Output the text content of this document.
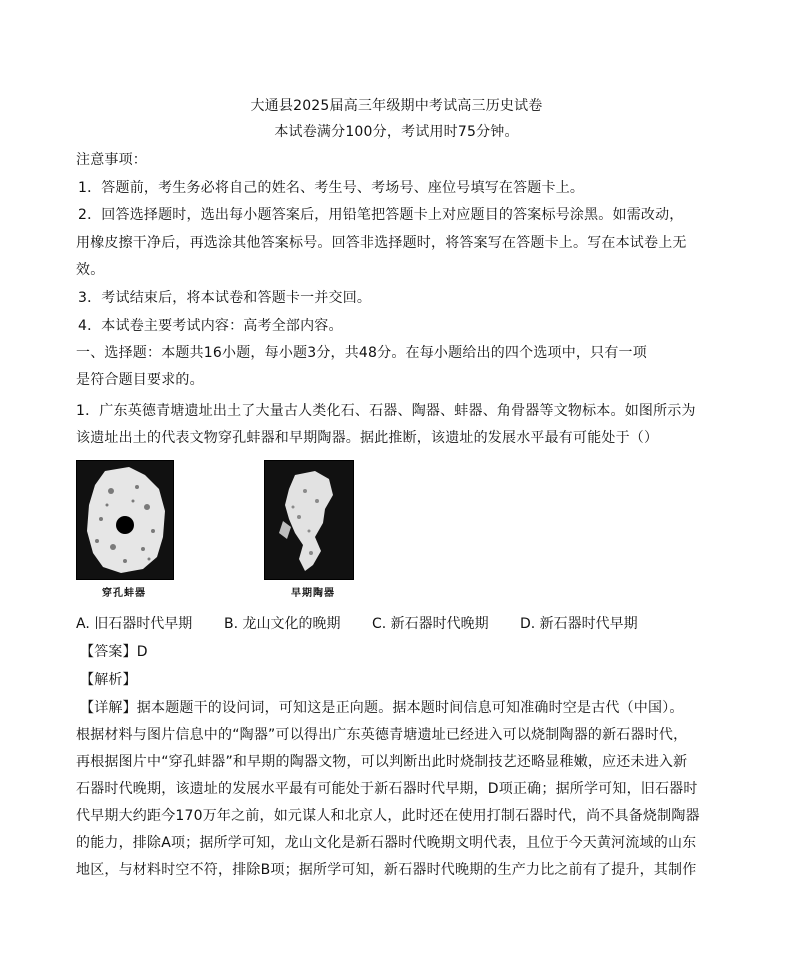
大通县2025届高三年级期中考试高三历史试卷
本试卷满分100分，考试用时75分钟。
注意事项：
1．答题前，考生务必将自己的姓名、考生号、考场号、座位号填写在答题卡上。
2．回答选择题时，选出每小题答案后，用铅笔把答题卡上对应题目的答案标号涂黑。如需改动，
用橡皮擦干净后，再选涂其他答案标号。回答非选择题时，将答案写在答题卡上。写在本试卷上无
效。
3．考试结束后，将本试卷和答题卡一并交回。
4．本试卷主要考试内容：高考全部内容。
一、选择题：本题共16小题，每小题3分，共48分。在每小题给出的四个选项中，只有一项
是符合题目要求的。
1．广东英德青塘遗址出土了大量古人类化石、石器、陶器、蚌器、角骨器等文物标本。如图所示为
该遗址出土的代表文物穿孔蚌器和早期陶器。据此推断，该遗址的发展水平最有可能处于（）
穿孔蚌器	早期陶器
A. 旧石器时代早期 B. 龙山文化的晚期 C. 新石器时代晚期 D. 新石器时代早期
【答案】D
【解析】
【详解】据本题题干的设问词，可知这是正向题。据本题时间信息可知准确时空是古代（中国）。
根据材料与图片信息中的“陶器”可以得出广东英德青塘遗址已经进入可以烧制陶器的新石器时代，
再根据图片中“穿孔蚌器”和早期的陶器文物，可以判断出此时烧制技艺还略显稚嫩，应还未进入新
石器时代晚期，该遗址的发展水平最有可能处于新石器时代早期，D项正确；据所学可知，旧石器时
代早期大约距今170万年之前，如元谋人和北京人，此时还在使用打制石器时代，尚不具备烧制陶器
的能力，排除A项；据所学可知，龙山文化是新石器时代晚期文明代表，且位于今天黄河流域的山东
地区，与材料时空不符，排除B项；据所学可知，新石器时代晚期的生产力比之前有了提升，其制作
